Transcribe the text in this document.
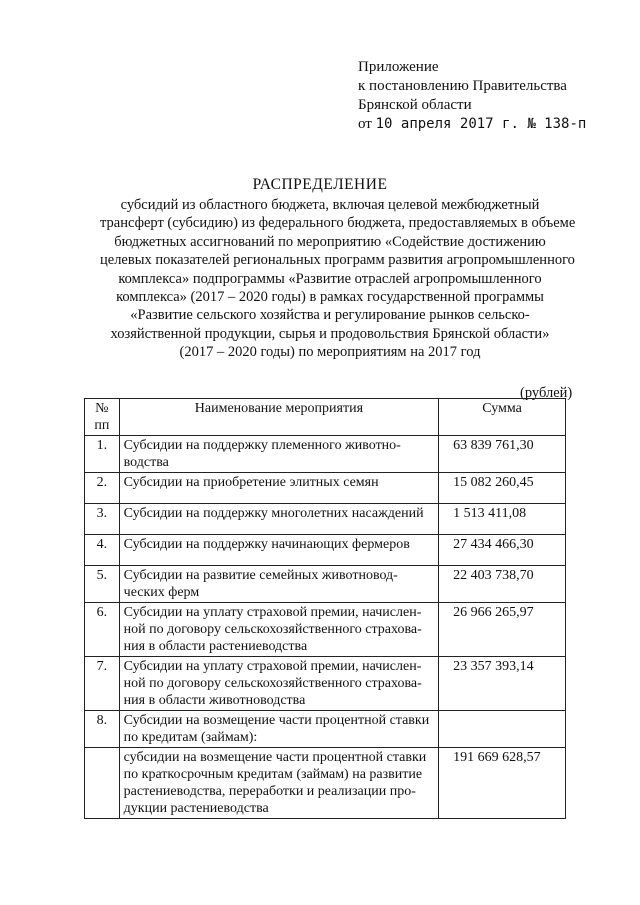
Приложение
к постановлению Правительства
Брянской области
от 10 апреля 2017 г. № 138-п
РАСПРЕДЕЛЕНИЕ
субсидий из областного бюджета, включая целевой межбюджетный
трансферт (субсидию) из федерального бюджета, предоставляемых в объеме
бюджетных ассигнований по мероприятию «Содействие достижению
целевых показателей региональных программ развития агропромышленного
комплекса» подпрограммы «Развитие отраслей агропромышленного
комплекса» (2017 – 2020 годы) в рамках государственной программы
«Развитие сельского хозяйства и регулирование рынков сельско-
хозяйственной продукции, сырья и продовольствия Брянской области»
(2017 – 2020 годы) по мероприятиям на 2017 год
(рублей)
№ пп	Наименование мероприятия	Сумма
1.	Субсидии на поддержку племенного животно-водства	63 839 761,30
2.	Субсидии на приобретение элитных семян	15 082 260,45
3.	Субсидии на поддержку многолетних насаждений	1 513 411,08
4.	Субсидии на поддержку начинающих фермеров	27 434 466,30
5.	Субсидии на развитие семейных животновод-ческих ферм	22 403 738,70
6.	Субсидии на уплату страховой премии, начислен-ной по договору сельскохозяйственного страхова-ния в области растениеводства	26 966 265,97
7.	Субсидии на уплату страховой премии, начислен-ной по договору сельскохозяйственного страхова-ния в области животноводства	23 357 393,14
8.	Субсидии на возмещение части процентной ставки по кредитам (займам):	
	субсидии на возмещение части процентной ставки по краткосрочным кредитам (займам) на развитие растениеводства, переработки и реализации про-дукции растениеводства	191 669 628,57
